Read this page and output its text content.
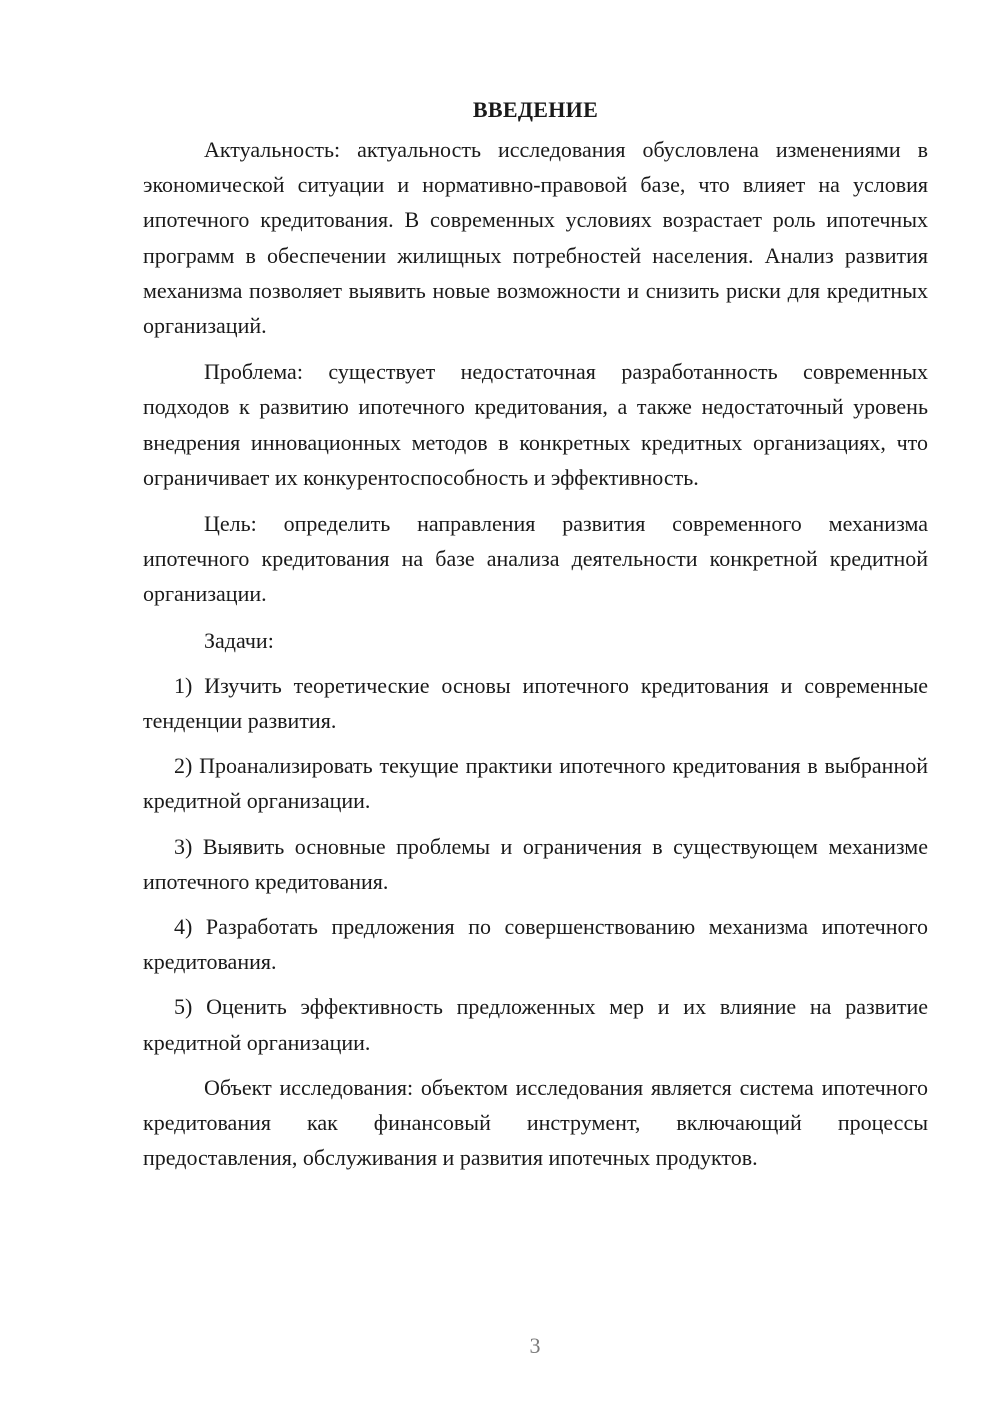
ВВЕДЕНИЕ

Актуальность: актуальность исследования обусловлена изменениями в экономической ситуации и нормативно-правовой базе, что влияет на условия ипотечного кредитования. В современных условиях возрастает роль ипотечных программ в обеспечении жилищных потребностей населения. Анализ развития механизма позволяет выявить новые возможности и снизить риски для кредитных организаций.

Проблема: существует недостаточная разработанность современных подходов к развитию ипотечного кредитования, а также недостаточный уровень внедрения инновационных методов в конкретных кредитных организациях, что ограничивает их конкурентоспособность и эффективность.

Цель: определить направления развития современного механизма ипотечного кредитования на базе анализа деятельности конкретной кредитной организации.

Задачи:

1) Изучить теоретические основы ипотечного кредитования и современные тенденции развития.

2) Проанализировать текущие практики ипотечного кредитования в выбранной кредитной организации.

3) Выявить основные проблемы и ограничения в существующем механизме ипотечного кредитования.

4) Разработать предложения по совершенствованию механизма ипотечного кредитования.

5) Оценить эффективность предложенных мер и их влияние на развитие кредитной организации.

Объект исследования: объектом исследования является система ипотечного кредитования как финансовый инструмент, включающий процессы предоставления, обслуживания и развития ипотечных продуктов.

3
